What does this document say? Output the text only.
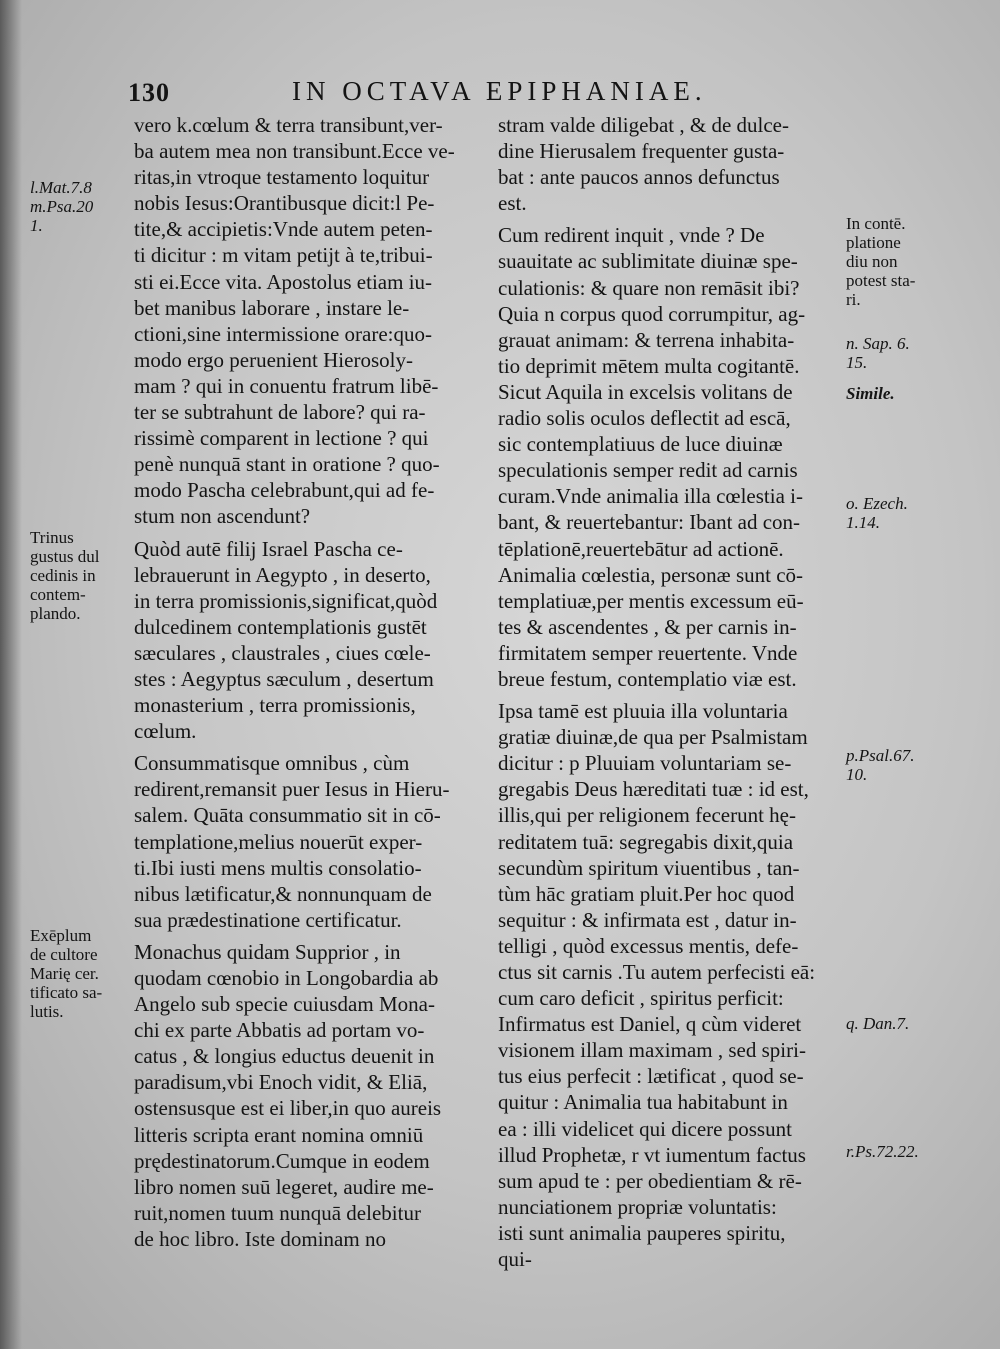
130	IN OCTAVA EPIPHANIAE.

vero k.cœlum & terra transibunt,ver-

ba autem mea non transibunt.Ecce ve-

ritas,in vtroque testamento loquitur

nobis Iesus:Orantibusque dicit:l Pe-

tite,& accipietis:Vnde autem peten-

ti dicitur : m vitam petijt à te,tribui-

sti ei.Ecce vita. Apostolus etiam iu-

bet manibus laborare , instare le-

ctioni,sine intermissione orare:quo-

modo ergo peruenient Hierosoly-

mam ? qui in conuentu fratrum libē-

ter se subtrahunt de labore? qui ra-

rissimè comparent in lectione ? qui

penè nunquā stant in oratione ? quo-

modo Pascha celebrabunt,qui ad fe-

stum non ascendunt?

Quòd autē filij Israel Pascha ce-

lebrauerunt in Aegypto , in deserto,

in terra promissionis,significat,quòd

dulcedinem contemplationis gustēt

sæculares , claustrales , ciues cœle-

stes : Aegyptus sæculum , desertum

monasterium , terra promissionis,

cœlum.

Consummatisque omnibus , cùm

redirent,remansit puer Iesus in Hieru-

salem. Quāta consummatio sit in cō-

templatione,melius nouerūt exper-

ti.Ibi iusti mens multis consolatio-

nibus lætificatur,& nonnunquam de

sua prædestinatione certificatur.

Monachus quidam Supprior , in

quodam cœnobio in Longobardia ab

Angelo sub specie cuiusdam Mona-

chi ex parte Abbatis ad portam vo-

catus , & longius eductus deuenit in

paradisum,vbi Enoch vidit, & Eliā,

ostensusque est ei liber,in quo aureis

litteris scripta erant nomina omniū

prędestinatorum.Cumque in eodem

libro nomen suū legeret, audire me-

ruit,nomen tuum nunquā delebitur

de hoc libro. Iste dominam no

stram valde diligebat , & de dulce-

dine Hierusalem frequenter gusta-

bat : ante paucos annos defunctus

est.

Cum redirent inquit , vnde ? De

suauitate ac sublimitate diuinæ spe-

culationis: & quare non remāsit ibi?

Quia n corpus quod corrumpitur, ag-

grauat animam: & terrena inhabita-

tio deprimit mētem multa cogitantē.

Sicut Aquila in excelsis volitans de

radio solis oculos deflectit ad escā,

sic contemplatiuus de luce diuinæ

speculationis semper redit ad carnis

curam.Vnde animalia illa cœlestia i-

bant, & reuertebantur: Ibant ad con-

tēplationē,reuertebātur ad actionē.

Animalia cœlestia, personæ sunt cō-

templatiuæ,per mentis excessum eū-

tes & ascendentes , & per carnis in-

firmitatem semper reuertente. Vnde

breue festum, contemplatio viæ est.

Ipsa tamē est pluuia illa voluntaria

gratiæ diuinæ,de qua per Psalmistam

dicitur : p Pluuiam voluntariam se-

gregabis Deus hæreditati tuæ : id est,

illis,qui per religionem fecerunt hę-

reditatem tuā: segregabis dixit,quia

secundùm spiritum viuentibus , tan-

tùm hāc gratiam pluit.Per hoc quod

sequitur : & infirmata est , datur in-

telligi , quòd excessus mentis, defe-

ctus sit carnis .Tu autem perfecisti eā:

cum caro deficit , spiritus perficit:

Infirmatus est Daniel, q cùm videret

visionem illam maximam , sed spiri-

tus eius perfecit : lætificat , quod se-

quitur : Animalia tua habitabunt in

ea : illi videlicet qui dicere possunt

illud Prophetæ, r vt iumentum factus

sum apud te : per obedientiam & rē-

nunciationem propriæ voluntatis:

isti sunt animalia pauperes spiritu,

qui-

l.Mat.7.8

m.Psa.20

1.

Trinus

gustus dul

cedinis in

contem-

plando.

Exēplum

de cultore

Marię cer.

tificato sa-

lutis.

In contē.

platione

diu non

potest sta-

ri.

n. Sap. 6.

15.

Simile.

o. Ezech.

1.14.

p.Psal.67.

10.

q. Dan.7.

r.Ps.72.22.
